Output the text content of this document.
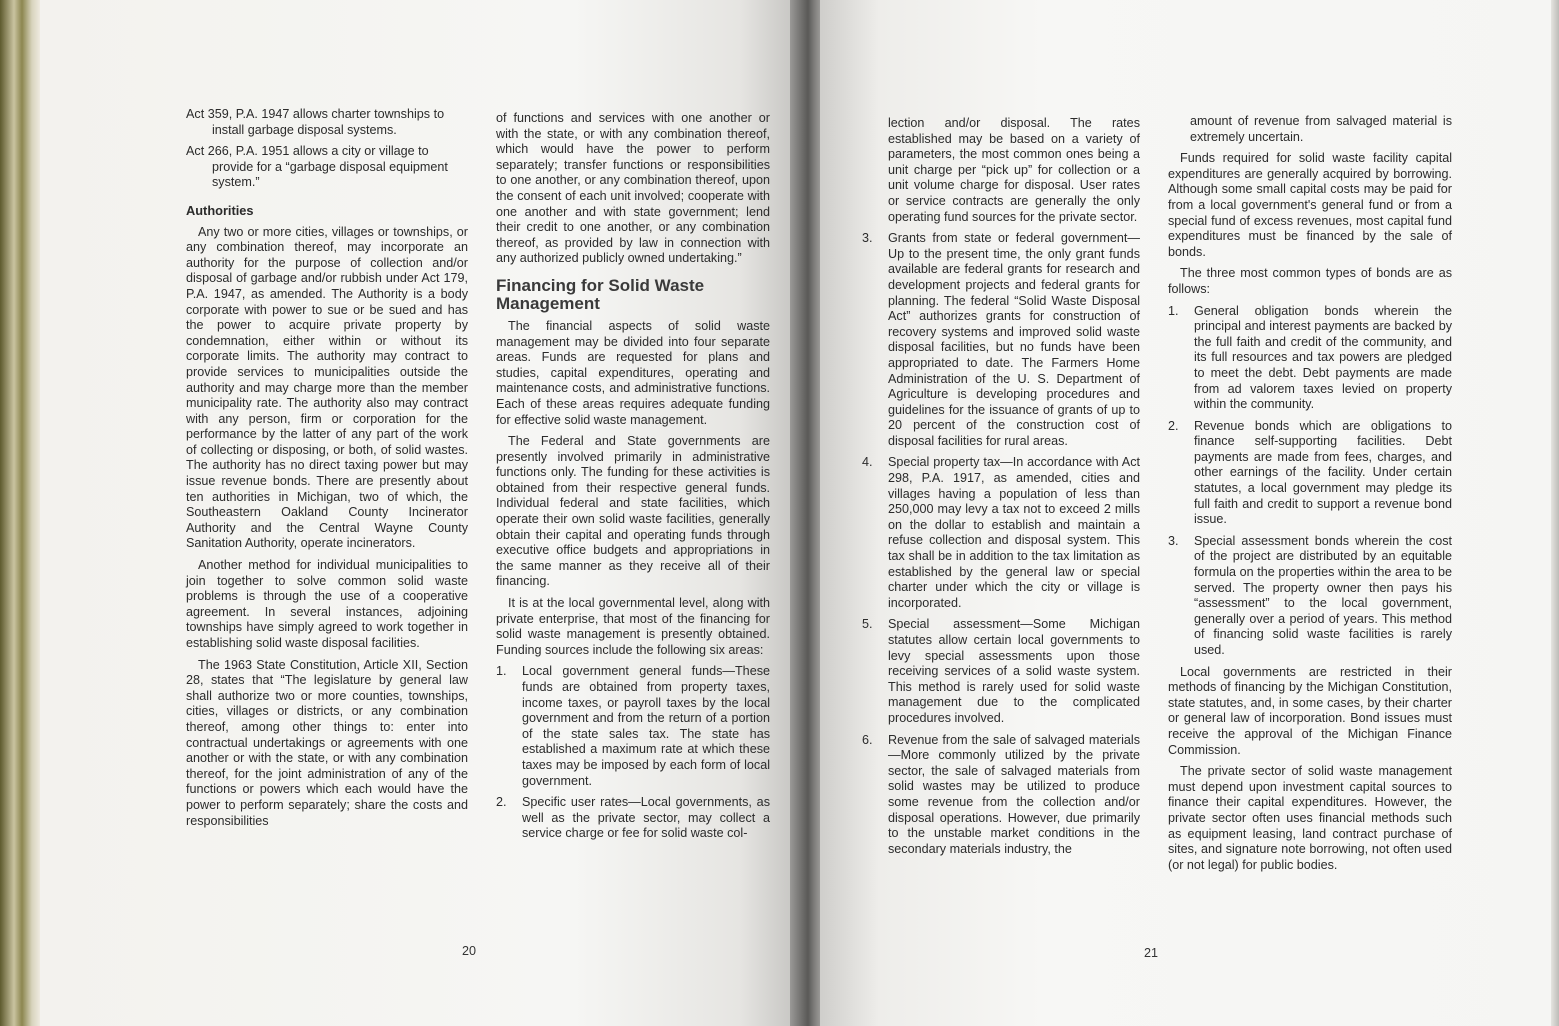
Act 359, P.A. 1947 allows charter townships to install garbage disposal systems.
Act 266, P.A. 1951 allows a city or village to provide for a “garbage disposal equipment system.”
Authorities

Any two or more cities, villages or townships, or any combination thereof, may incorporate an authority for the purpose of collection and/or disposal of garbage and/or rubbish under Act 179, P.A. 1947, as amended. The Authority is a body corporate with power to sue or be sued and has the power to acquire private property by condemnation, either within or without its corporate limits. The authority may contract to provide services to municipalities outside the authority and may charge more than the member municipality rate. The authority also may contract with any person, firm or corporation for the performance by the latter of any part of the work of collecting or disposing, or both, of solid wastes. The authority has no direct taxing power but may issue revenue bonds. There are presently about ten authorities in Michigan, two of which, the Southeastern Oakland County Incinerator Authority and the Central Wayne County Sanitation Authority, operate incinerators.

Another method for individual municipalities to join together to solve common solid waste problems is through the use of a cooperative agreement. In several instances, adjoining townships have simply agreed to work together in establishing solid waste disposal facilities.

The 1963 State Constitution, Article XII, Section 28, states that “The legislature by general law shall authorize two or more counties, townships, cities, villages or districts, or any combination thereof, among other things to: enter into contractual undertakings or agreements with one another or with the state, or with any combination thereof, for the joint administration of any of the functions or powers which each would have the power to perform separately; share the costs and responsibilities

of functions and services with one another or with the state, or with any combination thereof, which would have the power to perform separately; transfer functions or responsibilities to one another, or any combination thereof, upon the consent of each unit involved; cooperate with one another and with state government; lend their credit to one another, or any combination thereof, as provided by law in connection with any authorized publicly owned undertaking.”

Financing for Solid Waste Management

The financial aspects of solid waste management may be divided into four separate areas. Funds are requested for plans and studies, capital expenditures, operating and maintenance costs, and administrative functions. Each of these areas requires adequate funding for effective solid waste management.

The Federal and State governments are presently involved primarily in administrative functions only. The funding for these activities is obtained from their respective general funds. Individual federal and state facilities, which operate their own solid waste facilities, generally obtain their capital and operating funds through executive office budgets and appropriations in the same manner as they receive all of their financing.

It is at the local governmental level, along with private enterprise, that most of the financing for solid waste management is presently obtained. Funding sources include the following six areas:

1. Local government general funds—These funds are obtained from property taxes, income taxes, or payroll taxes by the local government and from the return of a portion of the state sales tax. The state has established a maximum rate at which these taxes may be imposed by each form of local government.
2. Specific user rates—Local governments, as well as the private sector, may collect a service charge or fee for solid waste col-
20

lection and/or disposal. The rates established may be based on a variety of parameters, the most common ones being a unit charge per “pick up” for collection or a unit volume charge for disposal. User rates or service contracts are generally the only operating fund sources for the private sector.

3. Grants from state or federal government—Up to the present time, the only grant funds available are federal grants for research and development projects and federal grants for planning. The federal “Solid Waste Disposal Act” authorizes grants for construction of recovery systems and improved solid waste disposal facilities, but no funds have been appropriated to date. The Farmers Home Administration of the U. S. Department of Agriculture is developing procedures and guidelines for the issuance of grants of up to 20 percent of the construction cost of disposal facilities for rural areas.
4. Special property tax—In accordance with Act 298, P.A. 1917, as amended, cities and villages having a population of less than 250,000 may levy a tax not to exceed 2 mills on the dollar to establish and maintain a refuse collection and disposal system. This tax shall be in addition to the tax limitation as established by the general law or special charter under which the city or village is incorporated.
5. Special assessment—Some Michigan statutes allow certain local governments to levy special assessments upon those receiving services of a solid waste system. This method is rarely used for solid waste management due to the complicated procedures involved.
6. Revenue from the sale of salvaged materials—More commonly utilized by the private sector, the sale of salvaged materials from solid wastes may be utilized to produce some revenue from the collection and/or disposal operations. However, due primarily to the unstable market conditions in the secondary materials industry, the

amount of revenue from salvaged material is extremely uncertain.

Funds required for solid waste facility capital expenditures are generally acquired by borrowing. Although some small capital costs may be paid for from a local government's general fund or from a special fund of excess revenues, most capital fund expenditures must be financed by the sale of bonds.

The three most common types of bonds are as follows:

1. General obligation bonds wherein the principal and interest payments are backed by the full faith and credit of the community, and its full resources and tax powers are pledged to meet the debt. Debt payments are made from ad valorem taxes levied on property within the community.
2. Revenue bonds which are obligations to finance self-supporting facilities. Debt payments are made from fees, charges, and other earnings of the facility. Under certain statutes, a local government may pledge its full faith and credit to support a revenue bond issue.
3. Special assessment bonds wherein the cost of the project are distributed by an equitable formula on the properties within the area to be served. The property owner then pays his “assessment” to the local government, generally over a period of years. This method of financing solid waste facilities is rarely used.

Local governments are restricted in their methods of financing by the Michigan Constitution, state statutes, and, in some cases, by their charter or general law of incorporation. Bond issues must receive the approval of the Michigan Finance Commission.

The private sector of solid waste management must depend upon investment capital sources to finance their capital expenditures. However, the private sector often uses financial methods such as equipment leasing, land contract purchase of sites, and signature note borrowing, not often used (or not legal) for public bodies.

21
